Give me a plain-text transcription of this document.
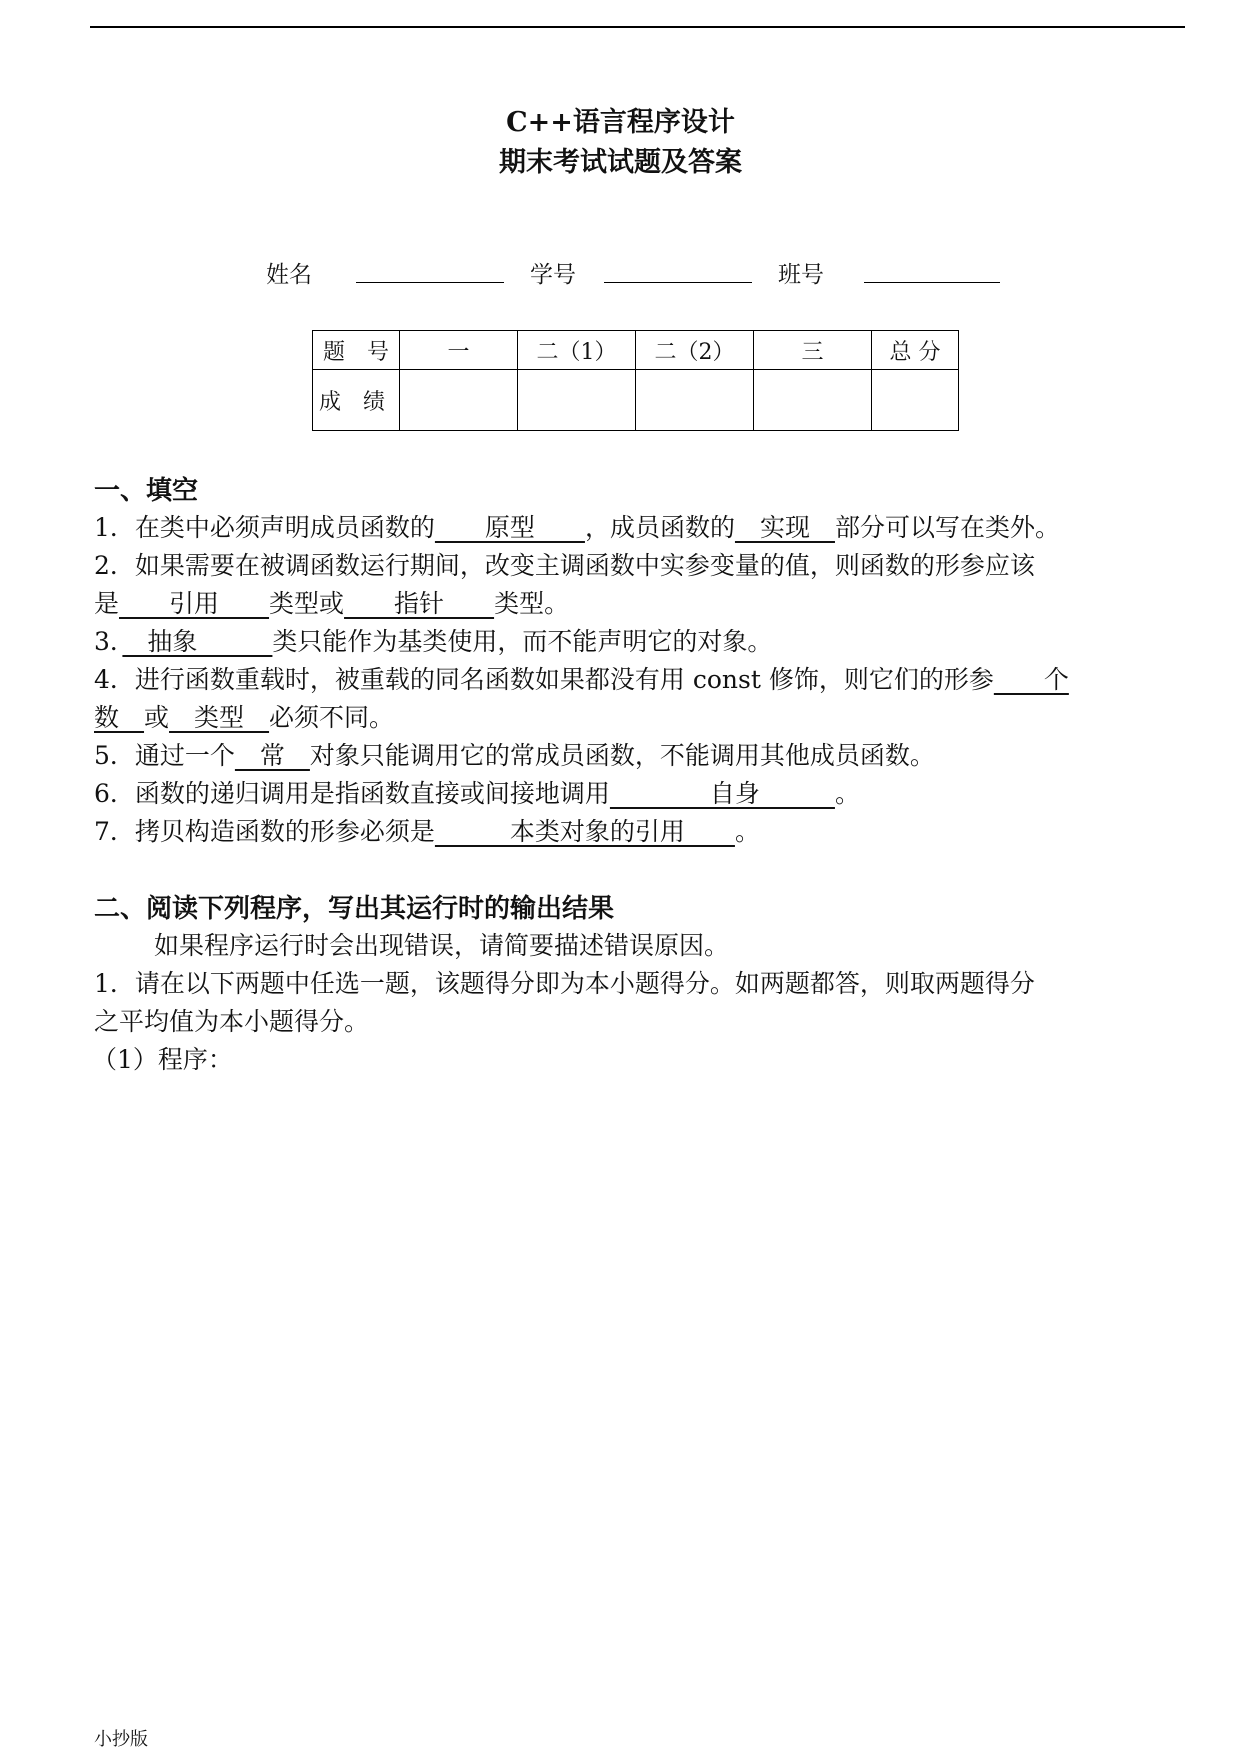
C++语言程序设计
期末考试试题及答案
姓名	学号	班号
题　号	一	二（1）	二（2）	三	总 分
成　绩					
一、填空
1．在类中必须声明成员函数的　　原型　　，成员函数的　实现　部分可以写在类外。
2．如果需要在被调函数运行期间，改变主调函数中实参变量的值，则函数的形参应该
是　　引用　　类型或　　指针　　类型。
3．　抽象　　　类只能作为基类使用，而不能声明它的对象。
4．进行函数重载时，被重载的同名函数如果都没有用 const 修饰，则它们的形参　　个
数　或　类型　必须不同。
5．通过一个　常　对象只能调用它的常成员函数，不能调用其他成员函数。
6．函数的递归调用是指函数直接或间接地调用　　　　自身　　　。
7．拷贝构造函数的形参必须是　　　本类对象的引用　　。
二、阅读下列程序，写出其运行时的输出结果
如果程序运行时会出现错误，请简要描述错误原因。
1．请在以下两题中任选一题，该题得分即为本小题得分。如两题都答，则取两题得分
之平均值为本小题得分。
（1）程序：
小抄版
